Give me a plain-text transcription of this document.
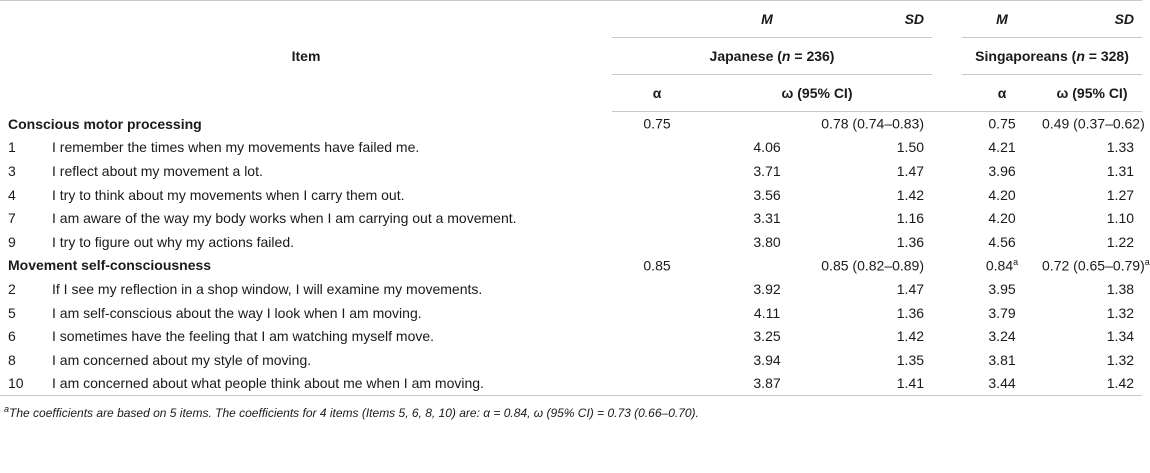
Item			M	SD		M	SD
		Japanese (n = 236)				Singaporeans (n = 328)	
		α	ω (95% CI)			α	ω (95% CI)
Conscious motor processing		0.75	0.78 (0.74–0.83)			0.75	0.49 (0.37–0.62)
1	I remember the times when my movements have failed me.		4.06	1.50		4.21	1.33
3	I reflect about my movement a lot.		3.71	1.47		3.96	1.31
4	I try to think about my movements when I carry them out.		3.56	1.42		4.20	1.27
7	I am aware of the way my body works when I am carrying out a movement.		3.31	1.16		4.20	1.10
9	I try to figure out why my actions failed.		3.80	1.36		4.56	1.22
Movement self-consciousness		0.85	0.85 (0.82–0.89)			0.84$^a$	0.72 $(0.65-0.79)^a$
2	If I see my reflection in a shop window, I will examine my movements.		3.92	1.47		3.95	1.38
5	I am self-conscious about the way I look when I am moving.		4.11	1.36		3.79	1.32
6	I sometimes have the feeling that I am watching myself move.		3.25	1.42		3.24	1.34
8	I am concerned about my style of moving.		3.94	1.35		3.81	1.32
10	I am concerned about what people think about me when I am moving.		3.87	1.41		3.44	1.42
$^a$The coefficients are based on 5 items. The coefficients for 4 items (Items 5, 6, 8, 10) are: α = 0.84, ω (95% CI) = 0.73 (0.66–0.70).
